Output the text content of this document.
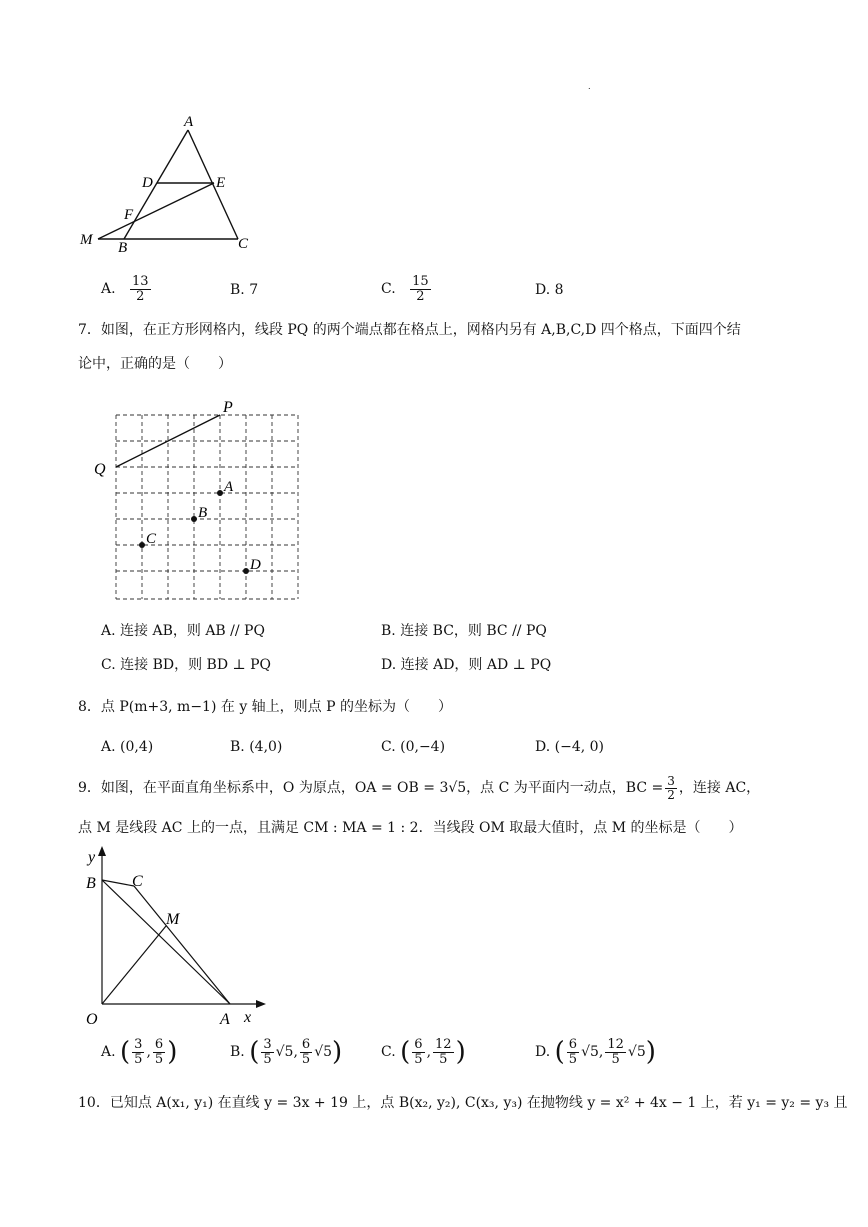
.
A
D	E
F
M B	C
A. $\frac{13}{2}$	B. 7	C. $\frac{15}{2}$	D. 8
7．如图，在正方形网格内，线段 PQ 的两个端点都在格点上，网格内另有 A,B,C,D 四个格点，下面四个结
论中，正确的是（　　）
P
Q
A
B
C
D
A. 连接 AB，则 AB // PQ	B. 连接 BC，则 BC // PQ
C. 连接 BD，则 BD ⊥ PQ	D. 连接 AD，则 AD ⊥ PQ
8．点 P(m+3, m−1) 在 y 轴上，则点 P 的坐标为（　　）
A. (0,4)	B. (4,0)	C. (0,−4)	D. (−4, 0)
9．如图，在平面直角坐标系中，O 为原点，OA = OB = 3√5，点 C 为平面内一动点，BC = $\frac{3}{2}$ ，连接 AC，
点 M 是线段 AC 上的一点，且满足 CM : MA = 1 : 2．当线段 OM 取最大值时，点 M 的坐标是（　　）
y
B C
M
O	A x
A. ( $\frac{3}{5}$ , $\frac{6}{5}$ )	B. ( $\frac{3}{5} √5$, $\frac{6}{5} √5$)	C. ( $\frac{6}{5}$ , $\frac{12}{5}$ )	D. ( $\frac{6}{5} √5$, $\frac{12}{5} √5$)
10．已知点 A(x₁, y₁) 在直线 y = 3x + 19 上，点 B(x₂, y₂), C(x₃, y₃) 在抛物线 y = x² + 4x − 1 上，若 y₁ = y₂ = y₃ 且
